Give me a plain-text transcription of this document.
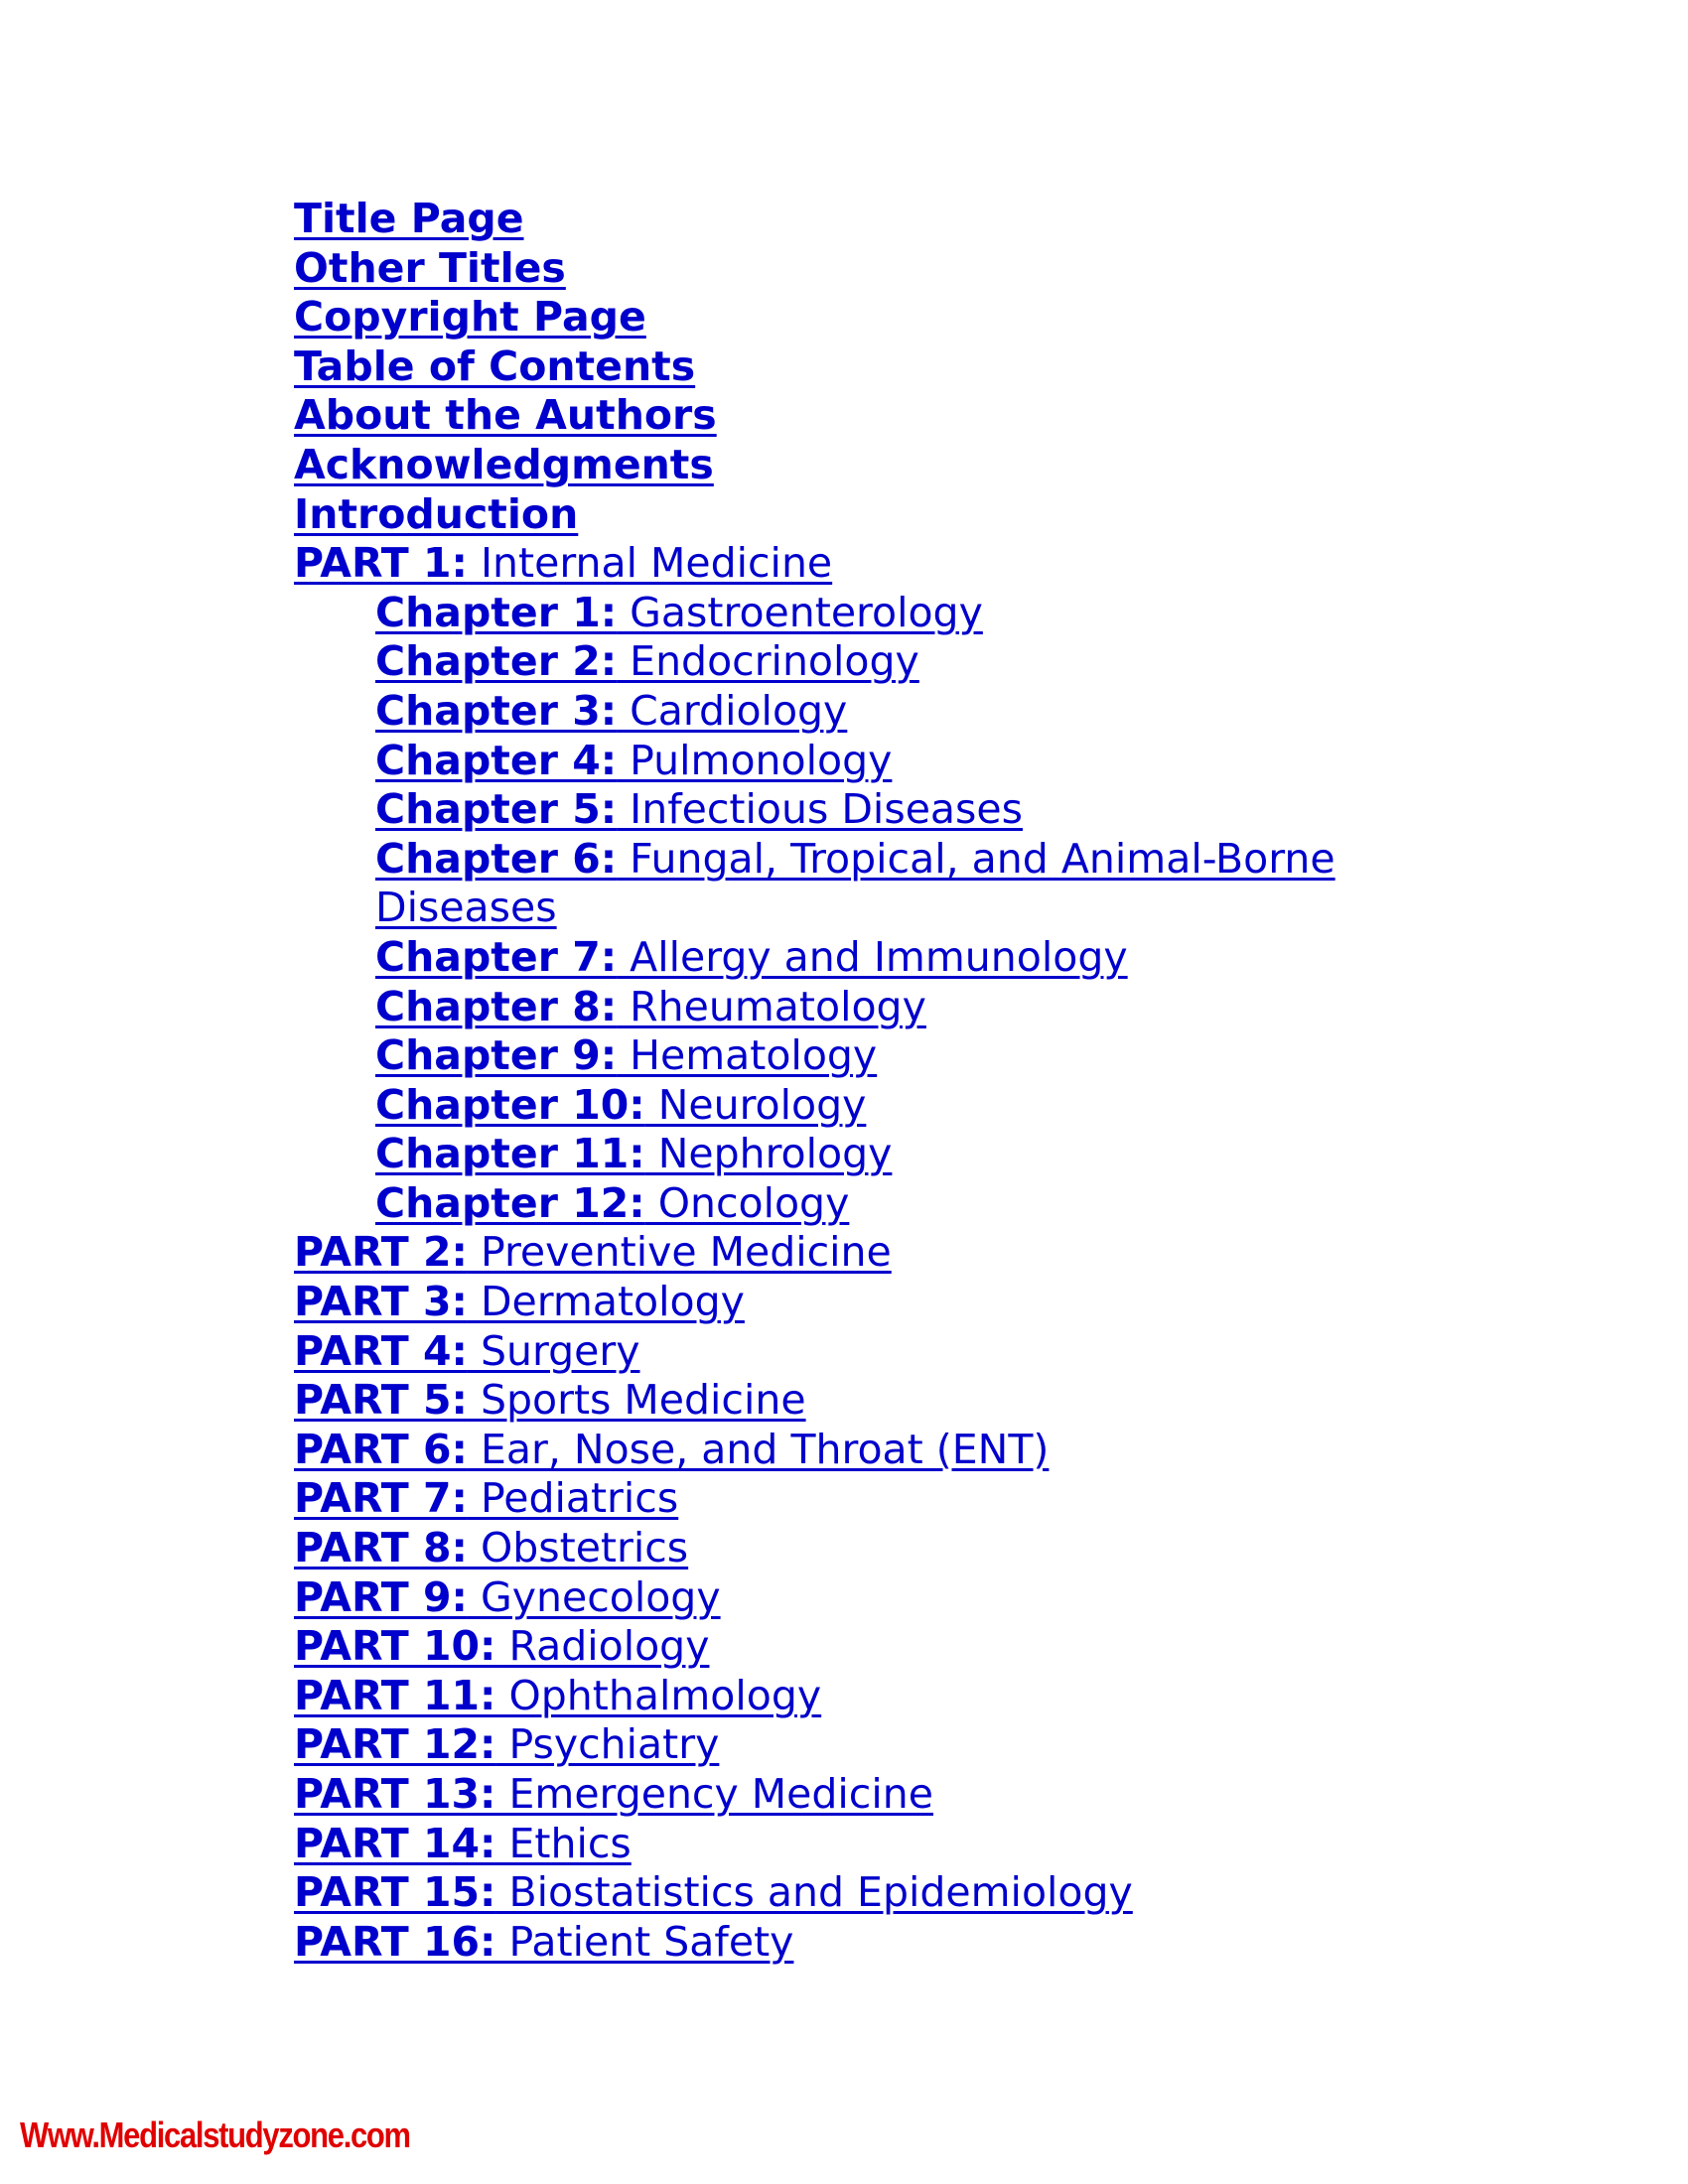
Title Page
Other Titles
Copyright Page
Table of Contents
About the Authors
Acknowledgments
Introduction
PART 1: Internal Medicine
Chapter 1: Gastroenterology
Chapter 2: Endocrinology
Chapter 3: Cardiology
Chapter 4: Pulmonology
Chapter 5: Infectious Diseases
Chapter 6: Fungal, Tropical, and Animal-Borne Diseases
Chapter 7: Allergy and Immunology
Chapter 8: Rheumatology
Chapter 9: Hematology
Chapter 10: Neurology
Chapter 11: Nephrology
Chapter 12: Oncology
PART 2: Preventive Medicine
PART 3: Dermatology
PART 4: Surgery
PART 5: Sports Medicine
PART 6: Ear, Nose, and Throat (ENT)
PART 7: Pediatrics
PART 8: Obstetrics
PART 9: Gynecology
PART 10: Radiology
PART 11: Ophthalmology
PART 12: Psychiatry
PART 13: Emergency Medicine
PART 14: Ethics
PART 15: Biostatistics and Epidemiology
PART 16: Patient Safety
Www.Medicalstudyzone.com
